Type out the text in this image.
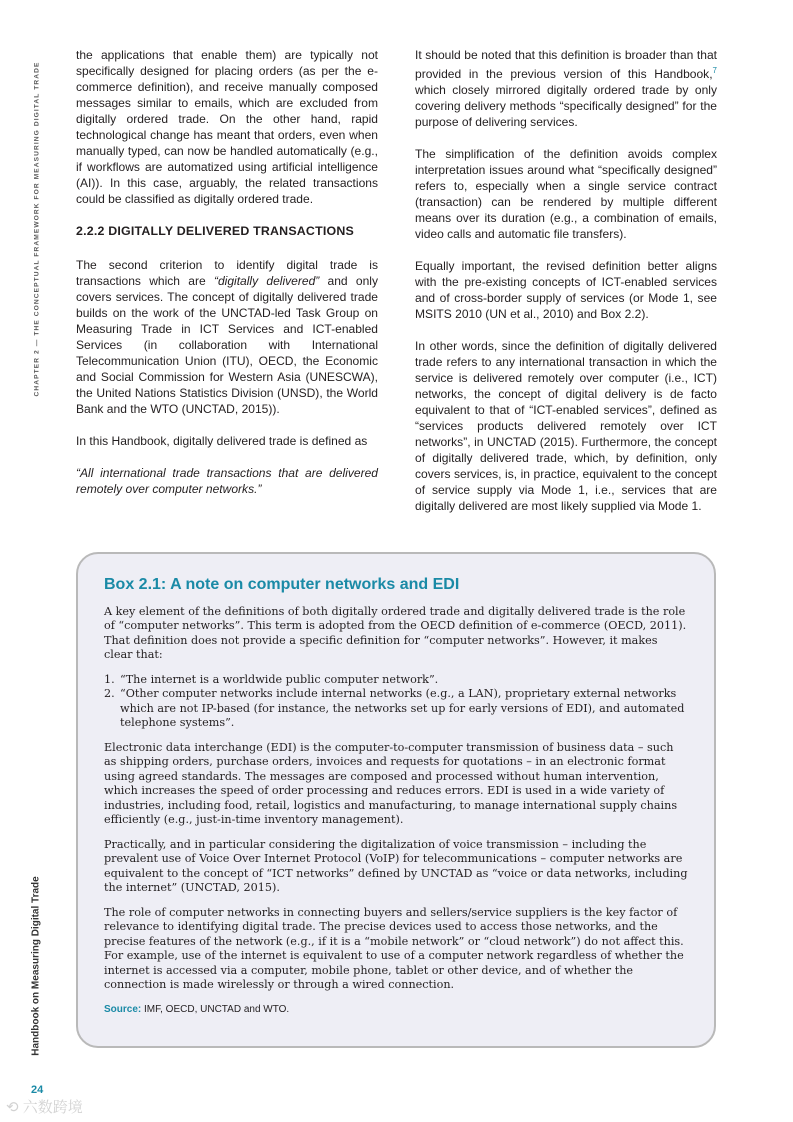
CHAPTER 2 — THE CONCEPTUAL FRAMEWORK FOR MEASURING DIGITAL TRADE

the applications that enable them) are typically not specifically designed for placing orders (as per the e-commerce definition), and receive manually composed messages similar to emails, which are excluded from digitally ordered trade. On the other hand, rapid technological change has meant that orders, even when manually typed, can now be handled automatically (e.g., if workflows are automatized using artificial intelligence (AI)). In this case, arguably, the related transactions could be classified as digitally ordered trade.

2.2.2 DIGITALLY DELIVERED TRANSACTIONS

The second criterion to identify digital trade is transactions which are “digitally delivered” and only covers services. The concept of digitally delivered trade builds on the work of the UNCTAD-led Task Group on Measuring Trade in ICT Services and ICT-enabled Services (in collaboration with International Telecommunication Union (ITU), OECD, the Economic and Social Commission for Western Asia (UNESCWA), the United Nations Statistics Division (UNSD), the World Bank and the WTO (UNCTAD, 2015)).

In this Handbook, digitally delivered trade is defined as

“All international trade transactions that are delivered remotely over computer networks.”

It should be noted that this definition is broader than that provided in the previous version of this Handbook,$^7$ which closely mirrored digitally ordered trade by only covering delivery methods “specifically designed” for the purpose of delivering services.

The simplification of the definition avoids complex interpretation issues around what “specifically designed” refers to, especially when a single service contract (transaction) can be rendered by multiple different means over its duration (e.g., a combination of emails, video calls and automatic file transfers).

Equally important, the revised definition better aligns with the pre-existing concepts of ICT-enabled services and of cross-border supply of services (or Mode 1, see MSITS 2010 (UN et al., 2010) and Box 2.2).

In other words, since the definition of digitally delivered trade refers to any international transaction in which the service is delivered remotely over computer (i.e., ICT) networks, the concept of digital delivery is de facto equivalent to that of “ICT-enabled services”, defined as “services products delivered remotely over ICT networks”, in UNCTAD (2015). Furthermore, the concept of digitally delivered trade, which, by definition, only covers services, is, in practice, equivalent to the concept of service supply via Mode 1, i.e., services that are digitally delivered are most likely supplied via Mode 1.

Box 2.1: A note on computer networks and EDI

A key element of the definitions of both digitally ordered trade and digitally delivered trade is the role of “computer networks”. This term is adopted from the OECD definition of e-commerce (OECD, 2011). That definition does not provide a specific definition for “computer networks”. However, it makes clear that:

1. “The internet is a worldwide public computer network”.
2. “Other computer networks include internal networks (e.g., a LAN), proprietary external networks which are not IP-based (for instance, the networks set up for early versions of EDI), and automated telephone systems”.

Electronic data interchange (EDI) is the computer-to-computer transmission of business data – such as shipping orders, purchase orders, invoices and requests for quotations – in an electronic format using agreed standards. The messages are composed and processed without human intervention, which increases the speed of order processing and reduces errors. EDI is used in a wide variety of industries, including food, retail, logistics and manufacturing, to manage international supply chains efficiently (e.g., just-in-time inventory management).

Practically, and in particular considering the digitalization of voice transmission – including the prevalent use of Voice Over Internet Protocol (VoIP) for telecommunications – computer networks are equivalent to the concept of “ICT networks” defined by UNCTAD as “voice or data networks, including the internet” (UNCTAD, 2015).

The role of computer networks in connecting buyers and sellers/service suppliers is the key factor of relevance to identifying digital trade. The precise devices used to access those networks, and the precise features of the network (e.g., if it is a “mobile network” or “cloud network”) do not affect this. For example, use of the internet is equivalent to use of a computer network regardless of whether the internet is accessed via a computer, mobile phone, tablet or other device, and of whether the connection is made wirelessly or through a wired connection.

Source: IMF, OECD, UNCTAD and WTO.
Handbook on Measuring Digital Trade
24
⟲ 六数跨境
